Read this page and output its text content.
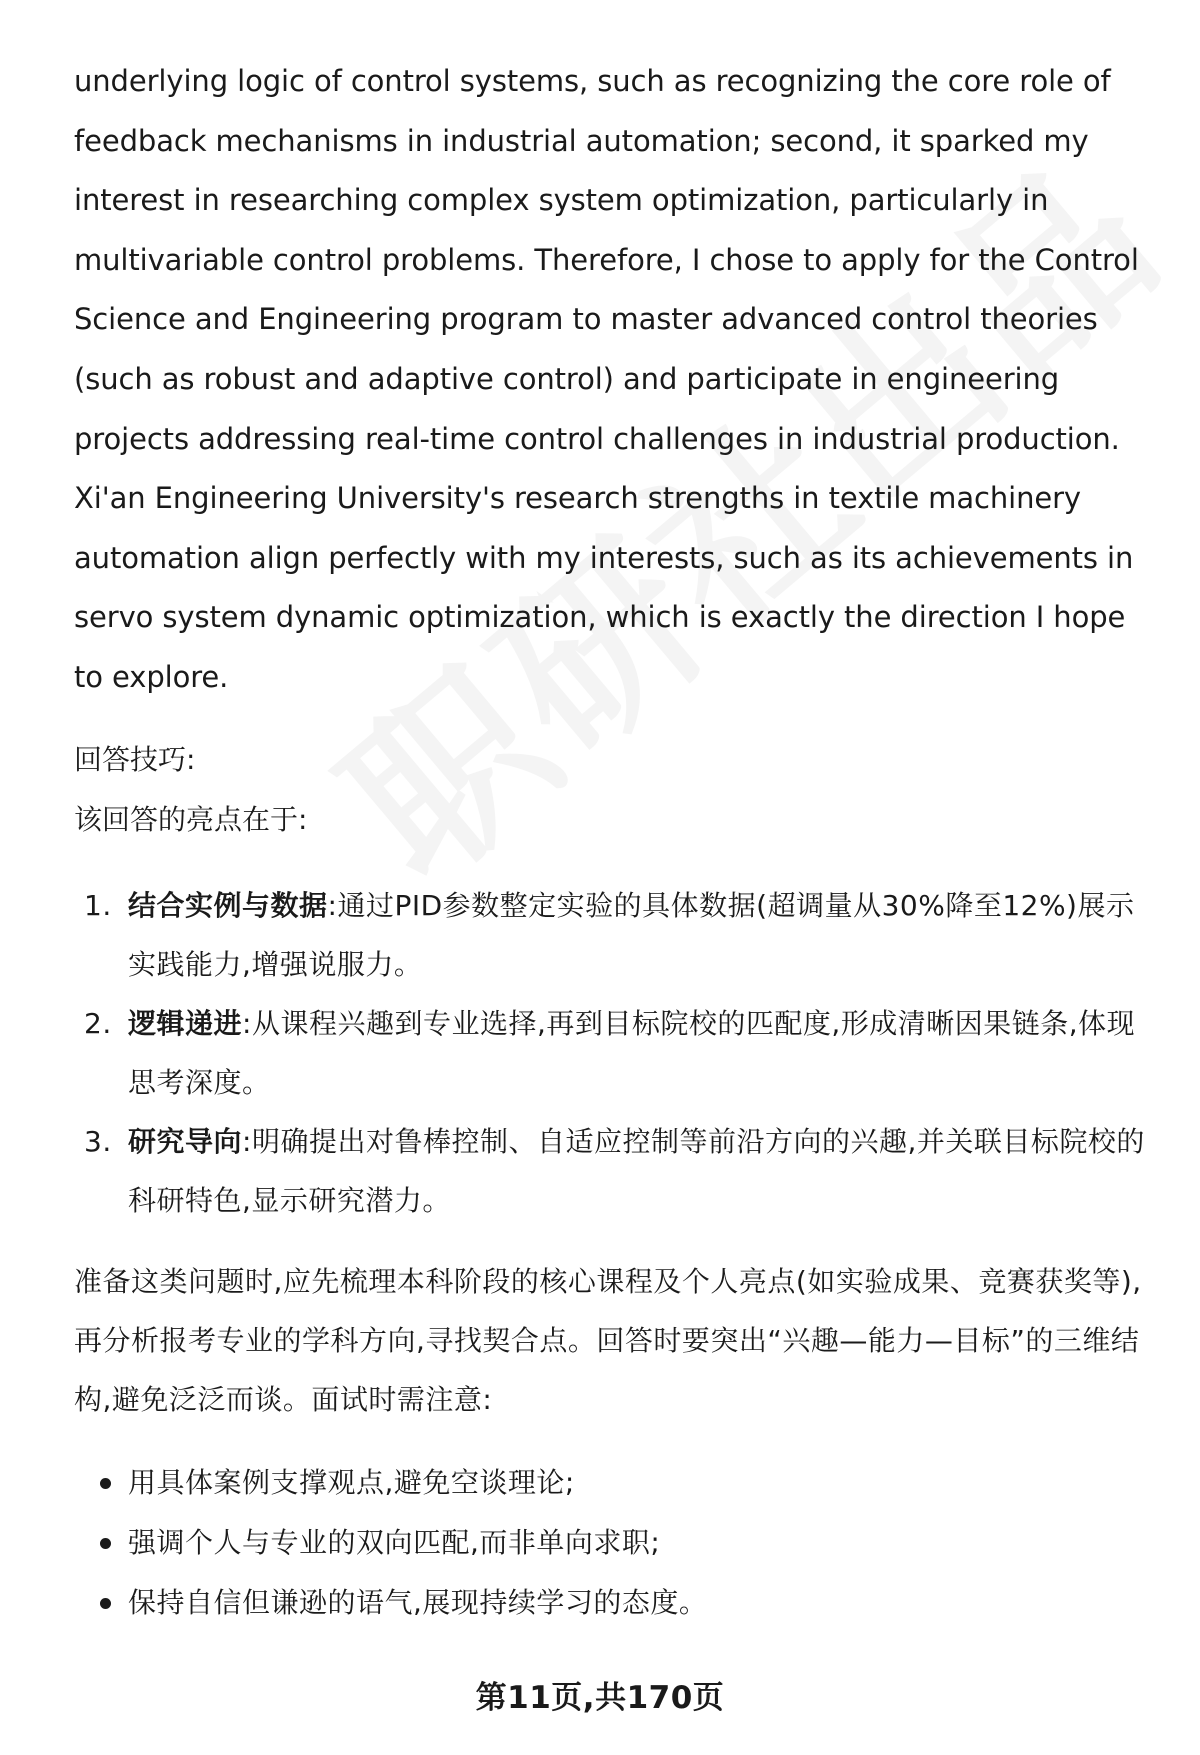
underlying logic of control systems, such as recognizing the core role of feedback mechanisms in industrial automation; second, it sparked my interest in researching complex system optimization, particularly in multivariable control problems. Therefore, I chose to apply for the Control Science and Engineering program to master advanced control theories (such as robust and adaptive control) and participate in engineering projects addressing real-time control challenges in industrial production. Xi'an Engineering University's research strengths in textile machinery automation align perfectly with my interests, such as its achievements in servo system dynamic optimization, which is exactly the direction I hope to explore.

回答技巧:

该回答的亮点在于:

1. 结合实例与数据:通过PID参数整定实验的具体数据(超调量从30%降至12%)展示实践能力,增强说服力。
2. 逻辑递进:从课程兴趣到专业选择,再到目标院校的匹配度,形成清晰因果链条,体现思考深度。
3. 研究导向:明确提出对鲁棒控制、自适应控制等前沿方向的兴趣,并关联目标院校的科研特色,显示研究潜力。

准备这类问题时,应先梳理本科阶段的核心课程及个人亮点(如实验成果、竞赛获奖等),再分析报考专业的学科方向,寻找契合点。回答时要突出“兴趣—能力—目标”的三维结构,避免泛泛而谈。面试时需注意:

用具体案例支撑观点,避免空谈理论;
强调个人与专业的双向匹配,而非单向求职;
保持自信但谦逊的语气,展现持续学习的态度。
第11页,共170页
